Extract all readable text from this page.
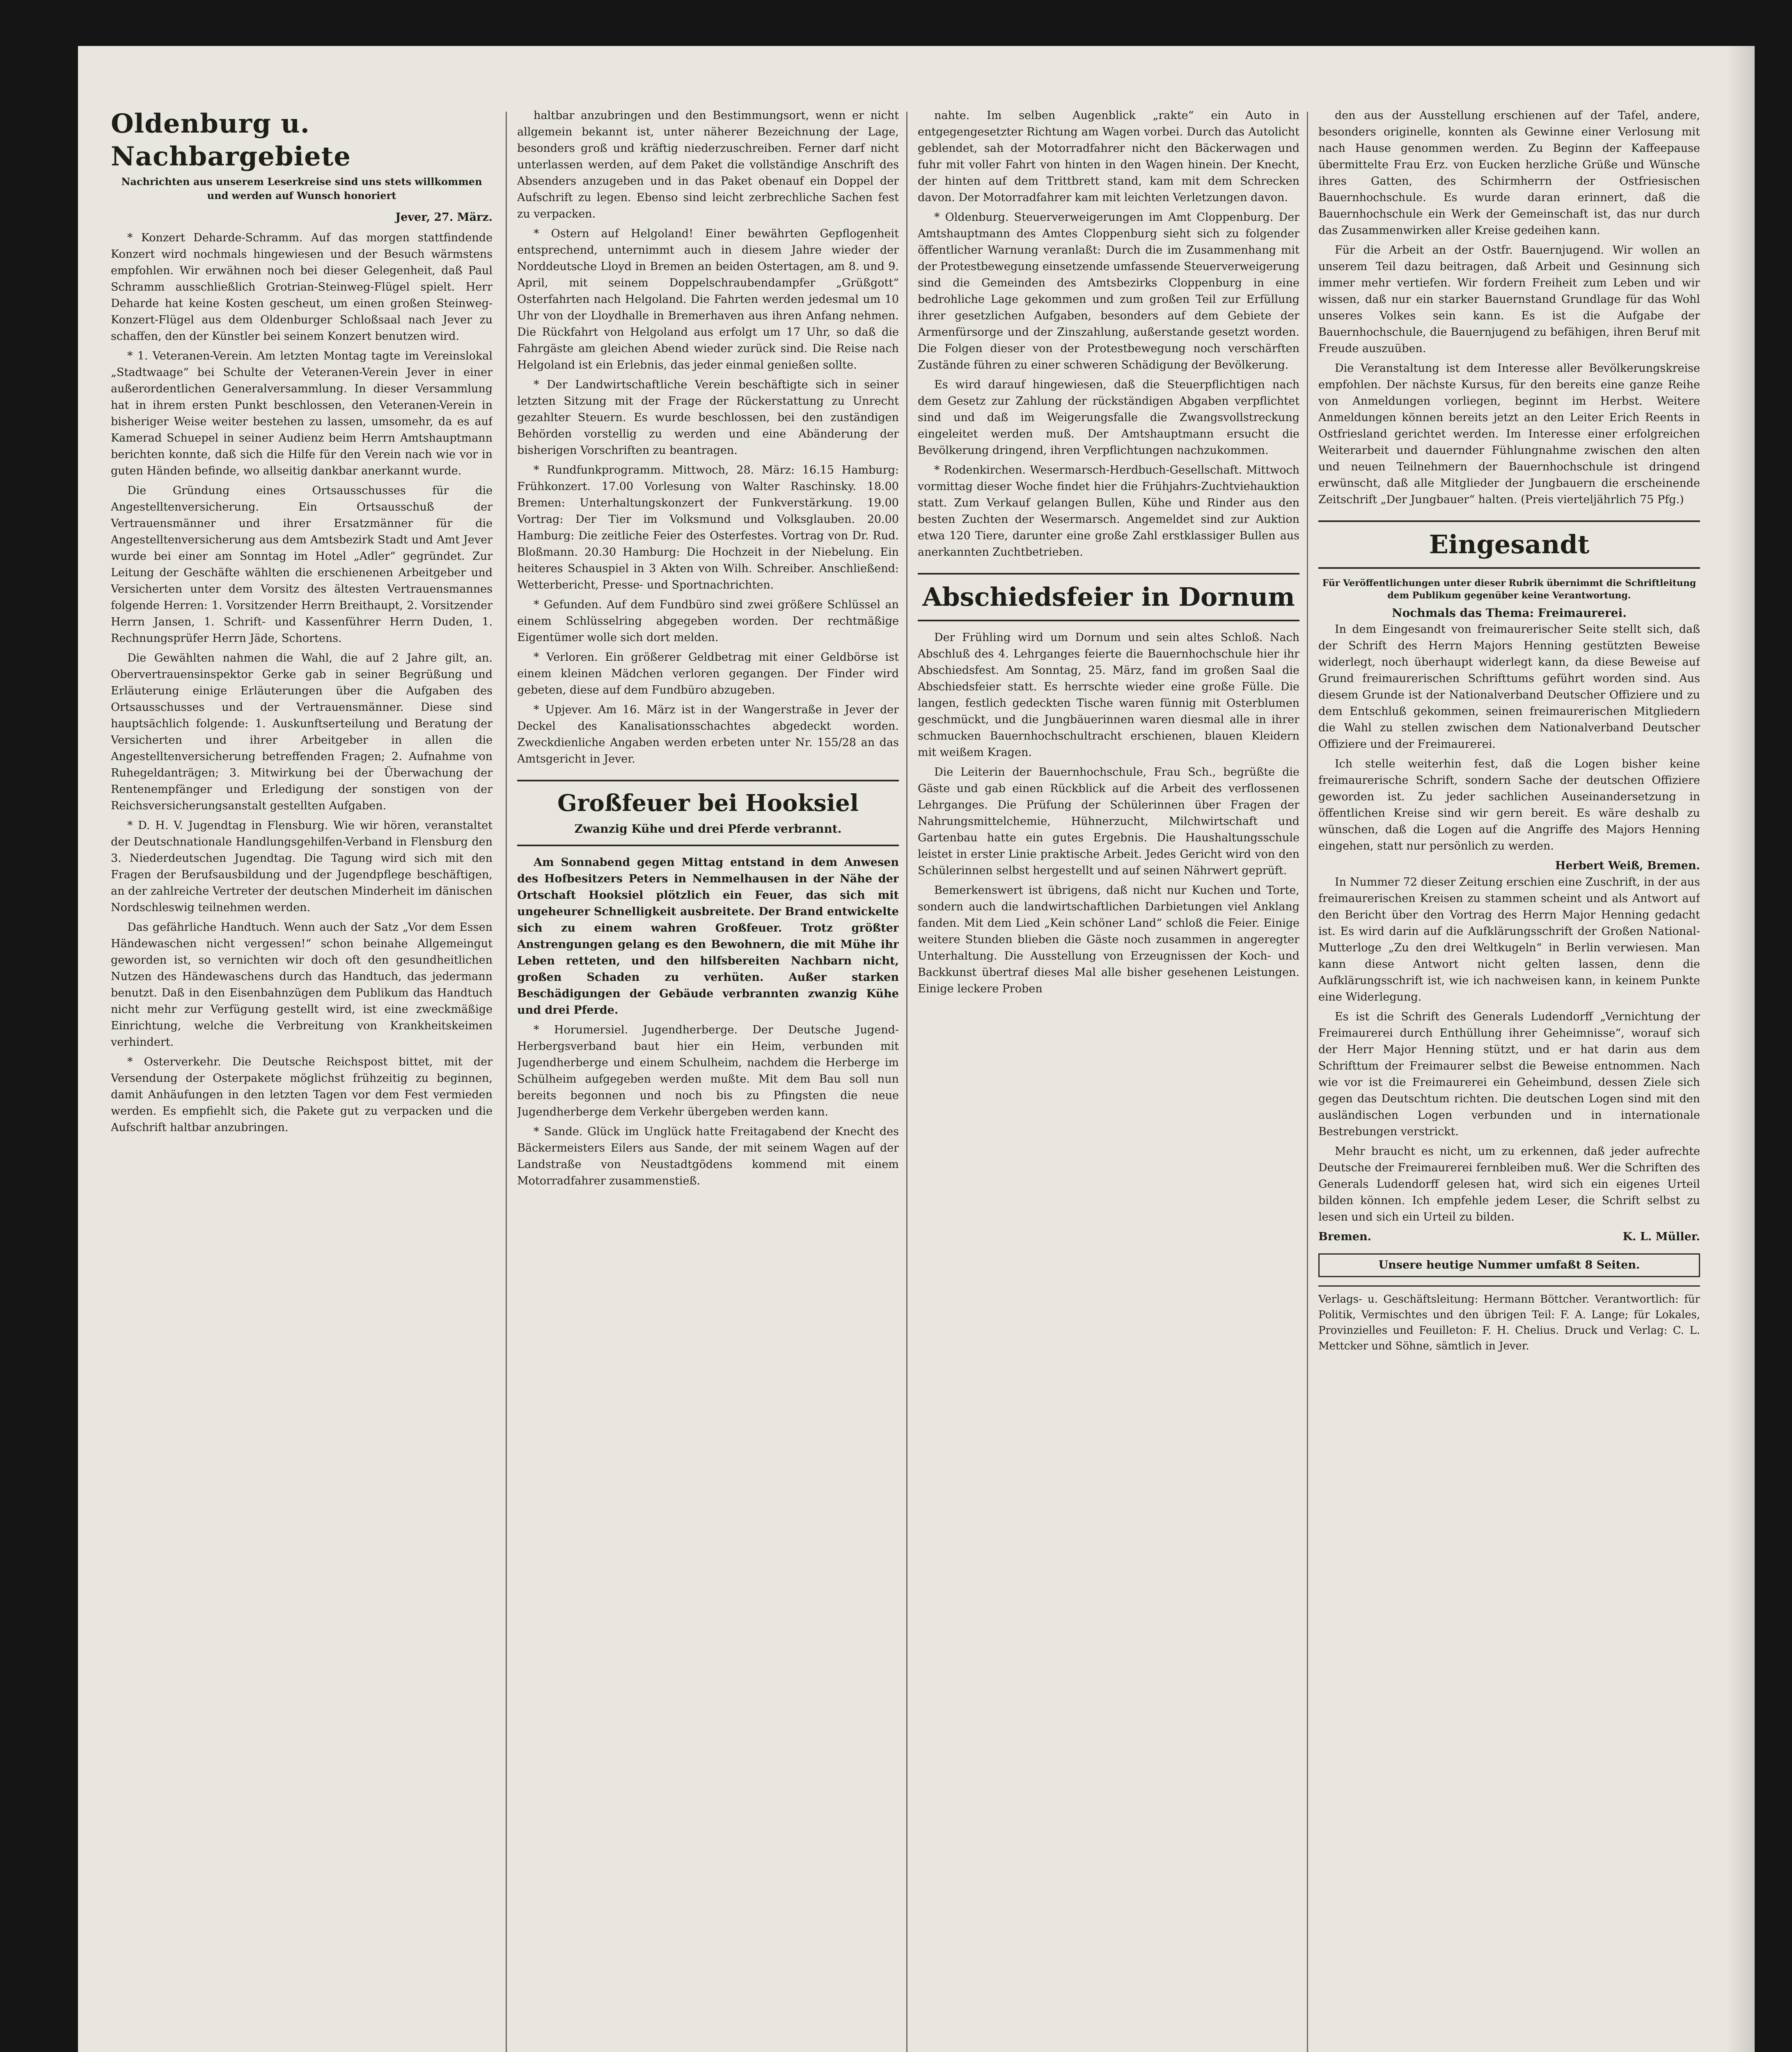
Oldenburg u. Nachbargebiete
Nachrichten aus unserem Leserkreise sind uns stets willkommen und werden auf Wunsch honoriert
Jever, 27. März.

* Konzert Deharde-Schramm. Auf das morgen stattfindende Konzert wird nochmals hingewiesen und der Besuch wärmstens empfohlen. Wir erwähnen noch bei dieser Gelegenheit, daß Paul Schramm ausschließlich Grotrian-Steinweg-Flügel spielt. Herr Deharde hat keine Kosten gescheut, um einen großen Steinweg-Konzert-Flügel aus dem Oldenburger Schloßsaal nach Jever zu schaffen, den der Künstler bei seinem Konzert benutzen wird.

* 1. Veteranen-Verein. Am letzten Montag tagte im Vereinslokal „Stadtwaage“ bei Schulte der Veteranen-Verein Jever in einer außerordentlichen Generalversammlung. In dieser Versammlung hat in ihrem ersten Punkt beschlossen, den Veteranen-Verein in bisheriger Weise weiter bestehen zu lassen, umsomehr, da es auf Kamerad Schuepel in seiner Audienz beim Herrn Amtshauptmann berichten konnte, daß sich die Hilfe für den Verein nach wie vor in guten Händen befinde, wo allseitig dankbar anerkannt wurde.

Die Gründung eines Ortsausschusses für die Angestelltenversicherung. Ein Ortsausschuß der Vertrauensmänner und ihrer Ersatzmänner für die Angestelltenversicherung aus dem Amtsbezirk Stadt und Amt Jever wurde bei einer am Sonntag im Hotel „Adler“ gegründet. Zur Leitung der Geschäfte wählten die erschienenen Arbeitgeber und Versicherten unter dem Vorsitz des ältesten Vertrauensmannes folgende Herren: 1. Vorsitzender Herrn Breithaupt, 2. Vorsitzender Herrn Jansen, 1. Schrift- und Kassenführer Herrn Duden, 1. Rechnungsprüfer Herrn Jäde, Schortens.

Die Gewählten nahmen die Wahl, die auf 2 Jahre gilt, an. Obervertrauensinspektor Gerke gab in seiner Begrüßung und Erläuterung einige Erläuterungen über die Aufgaben des Ortsausschusses und der Vertrauensmänner. Diese sind hauptsächlich folgende: 1. Auskunftserteilung und Beratung der Versicherten und ihrer Arbeitgeber in allen die Angestelltenversicherung betreffenden Fragen; 2. Aufnahme von Ruhegeldanträgen; 3. Mitwirkung bei der Überwachung der Rentenempfänger und Erledigung der sonstigen von der Reichsversicherungsanstalt gestellten Aufgaben.

* D. H. V. Jugendtag in Flensburg. Wie wir hören, veranstaltet der Deutschnationale Handlungsgehilfen-Verband in Flensburg den 3. Niederdeutschen Jugendtag. Die Tagung wird sich mit den Fragen der Berufsausbildung und der Jugendpflege beschäftigen, an der zahlreiche Vertreter der deutschen Minderheit im dänischen Nordschleswig teilnehmen werden.

Das gefährliche Handtuch. Wenn auch der Satz „Vor dem Essen Händewaschen nicht vergessen!“ schon beinahe Allgemeingut geworden ist, so vernichten wir doch oft den gesundheitlichen Nutzen des Händewaschens durch das Handtuch, das jedermann benutzt. Daß in den Eisenbahnzügen dem Publikum das Handtuch nicht mehr zur Verfügung gestellt wird, ist eine zweckmäßige Einrichtung, welche die Verbreitung von Krankheitskeimen verhindert.

* Osterverkehr. Die Deutsche Reichspost bittet, mit der Versendung der Osterpakete möglichst frühzeitig zu beginnen, damit Anhäufungen in den letzten Tagen vor dem Fest vermieden werden. Es empfiehlt sich, die Pakete gut zu verpacken und die Aufschrift haltbar anzubringen.

haltbar anzubringen und den Bestimmungsort, wenn er nicht allgemein bekannt ist, unter näherer Bezeichnung der Lage, besonders groß und kräftig niederzuschreiben. Ferner darf nicht unterlassen werden, auf dem Paket die vollständige Anschrift des Absenders anzugeben und in das Paket obenauf ein Doppel der Aufschrift zu legen. Ebenso sind leicht zerbrechliche Sachen fest zu verpacken.

* Ostern auf Helgoland! Einer bewährten Gepflogenheit entsprechend, unternimmt auch in diesem Jahre wieder der Norddeutsche Lloyd in Bremen an beiden Ostertagen, am 8. und 9. April, mit seinem Doppelschraubendampfer „Grüßgott“ Osterfahrten nach Helgoland. Die Fahrten werden jedesmal um 10 Uhr von der Lloydhalle in Bremerhaven aus ihren Anfang nehmen. Die Rückfahrt von Helgoland aus erfolgt um 17 Uhr, so daß die Fahrgäste am gleichen Abend wieder zurück sind. Die Reise nach Helgoland ist ein Erlebnis, das jeder einmal genießen sollte.

* Der Landwirtschaftliche Verein beschäftigte sich in seiner letzten Sitzung mit der Frage der Rückerstattung zu Unrecht gezahlter Steuern. Es wurde beschlossen, bei den zuständigen Behörden vorstellig zu werden und eine Abänderung der bisherigen Vorschriften zu beantragen.

* Rundfunkprogramm. Mittwoch, 28. März: 16.15 Hamburg: Frühkonzert. 17.00 Vorlesung von Walter Raschinsky. 18.00 Bremen: Unterhaltungskonzert der Funkverstärkung. 19.00 Vortrag: Der Tier im Volksmund und Volksglauben. 20.00 Hamburg: Die zeitliche Feier des Osterfestes. Vortrag von Dr. Rud. Bloßmann. 20.30 Hamburg: Die Hochzeit in der Niebelung. Ein heiteres Schauspiel in 3 Akten von Wilh. Schreiber. Anschließend: Wetterbericht, Presse- und Sportnachrichten.

* Gefunden. Auf dem Fundbüro sind zwei größere Schlüssel an einem Schlüsselring abgegeben worden. Der rechtmäßige Eigentümer wolle sich dort melden.

* Verloren. Ein größerer Geldbetrag mit einer Geldbörse ist einem kleinen Mädchen verloren gegangen. Der Finder wird gebeten, diese auf dem Fundbüro abzugeben.

* Upjever. Am 16. März ist in der Wangerstraße in Jever der Deckel des Kanalisationsschachtes abgedeckt worden. Zweckdienliche Angaben werden erbeten unter Nr. 155/28 an das Amtsgericht in Jever.

Großfeuer bei Hooksiel
Zwanzig Kühe und drei Pferde verbrannt.

Am Sonnabend gegen Mittag entstand in dem Anwesen des Hofbesitzers Peters in Nemmelhausen in der Nähe der Ortschaft Hooksiel plötzlich ein Feuer, das sich mit ungeheurer Schnelligkeit ausbreitete. Der Brand entwickelte sich zu einem wahren Großfeuer. Trotz größter Anstrengungen gelang es den Bewohnern, die mit Mühe ihr Leben retteten, und den hilfsbereiten Nachbarn nicht, großen Schaden zu verhüten. Außer starken Beschädigungen der Gebäude verbrannten zwanzig Kühe und drei Pferde.

* Horumersiel. Jugendherberge. Der Deutsche Jugend-Herbergsverband baut hier ein Heim, verbunden mit Jugendherberge und einem Schulheim, nachdem die Herberge im Schülheim aufgegeben werden mußte. Mit dem Bau soll nun bereits begonnen und noch bis zu Pfingsten die neue Jugendherberge dem Verkehr übergeben werden kann.

* Sande. Glück im Unglück hatte Freitagabend der Knecht des Bäckermeisters Eilers aus Sande, der mit seinem Wagen auf der Landstraße von Neustadtgödens kommend mit einem Motorradfahrer zusammenstieß.

nahte. Im selben Augenblick „rakte“ ein Auto in entgegengesetzter Richtung am Wagen vorbei. Durch das Autolicht geblendet, sah der Motorradfahrer nicht den Bäckerwagen und fuhr mit voller Fahrt von hinten in den Wagen hinein. Der Knecht, der hinten auf dem Trittbrett stand, kam mit dem Schrecken davon. Der Motorradfahrer kam mit leichten Verletzungen davon.

* Oldenburg. Steuerverweigerungen im Amt Cloppenburg. Der Amtshauptmann des Amtes Cloppenburg sieht sich zu folgender öffentlicher Warnung veranlaßt: Durch die im Zusammenhang mit der Protestbewegung einsetzende umfassende Steuerverweigerung sind die Gemeinden des Amtsbezirks Cloppenburg in eine bedrohliche Lage gekommen und zum großen Teil zur Erfüllung ihrer gesetzlichen Aufgaben, besonders auf dem Gebiete der Armenfürsorge und der Zinszahlung, außerstande gesetzt worden. Die Folgen dieser von der Protestbewegung noch verschärften Zustände führen zu einer schweren Schädigung der Bevölkerung.

Es wird darauf hingewiesen, daß die Steuerpflichtigen nach dem Gesetz zur Zahlung der rückständigen Abgaben verpflichtet sind und daß im Weigerungsfalle die Zwangsvollstreckung eingeleitet werden muß. Der Amtshauptmann ersucht die Bevölkerung dringend, ihren Verpflichtungen nachzukommen.

* Rodenkirchen. Wesermarsch-Herdbuch-Gesellschaft. Mittwoch vormittag dieser Woche findet hier die Frühjahrs-Zuchtviehauktion statt. Zum Verkauf gelangen Bullen, Kühe und Rinder aus den besten Zuchten der Wesermarsch. Angemeldet sind zur Auktion etwa 120 Tiere, darunter eine große Zahl erstklassiger Bullen aus anerkannten Zuchtbetrieben.

Abschiedsfeier in Dornum

Der Frühling wird um Dornum und sein altes Schloß. Nach Abschluß des 4. Lehrganges feierte die Bauernhochschule hier ihr Abschiedsfest. Am Sonntag, 25. März, fand im großen Saal die Abschiedsfeier statt. Es herrschte wieder eine große Fülle. Die langen, festlich gedeckten Tische waren fünnig mit Osterblumen geschmückt, und die Jungbäuerinnen waren diesmal alle in ihrer schmucken Bauernhochschultracht erschienen, blauen Kleidern mit weißem Kragen.

Die Leiterin der Bauernhochschule, Frau Sch., begrüßte die Gäste und gab einen Rückblick auf die Arbeit des verflossenen Lehrganges. Die Prüfung der Schülerinnen über Fragen der Nahrungsmittelchemie, Hühnerzucht, Milchwirtschaft und Gartenbau hatte ein gutes Ergebnis. Die Haushaltungsschule leistet in erster Linie praktische Arbeit. Jedes Gericht wird von den Schülerinnen selbst hergestellt und auf seinen Nährwert geprüft.

Bemerkenswert ist übrigens, daß nicht nur Kuchen und Torte, sondern auch die landwirtschaftlichen Darbietungen viel Anklang fanden. Mit dem Lied „Kein schöner Land“ schloß die Feier. Einige weitere Stunden blieben die Gäste noch zusammen in angeregter Unterhaltung. Die Ausstellung von Erzeugnissen der Koch- und Backkunst übertraf dieses Mal alle bisher gesehenen Leistungen. Einige leckere Proben

den aus der Ausstellung erschienen auf der Tafel, andere, besonders originelle, konnten als Gewinne einer Verlosung mit nach Hause genommen werden. Zu Beginn der Kaffeepause übermittelte Frau Erz. von Eucken herzliche Grüße und Wünsche ihres Gatten, des Schirmherrn der Ostfriesischen Bauernhochschule. Es wurde daran erinnert, daß die Bauernhochschule ein Werk der Gemeinschaft ist, das nur durch das Zusammenwirken aller Kreise gedeihen kann.

Für die Arbeit an der Ostfr. Bauernjugend. Wir wollen an unserem Teil dazu beitragen, daß Arbeit und Gesinnung sich immer mehr vertiefen. Wir fordern Freiheit zum Leben und wir wissen, daß nur ein starker Bauernstand Grundlage für das Wohl unseres Volkes sein kann. Es ist die Aufgabe der Bauernhochschule, die Bauernjugend zu befähigen, ihren Beruf mit Freude auszuüben.

Die Veranstaltung ist dem Interesse aller Bevölkerungskreise empfohlen. Der nächste Kursus, für den bereits eine ganze Reihe von Anmeldungen vorliegen, beginnt im Herbst. Weitere Anmeldungen können bereits jetzt an den Leiter Erich Reents in Ostfriesland gerichtet werden. Im Interesse einer erfolgreichen Weiterarbeit und dauernder Fühlungnahme zwischen den alten und neuen Teilnehmern der Bauernhochschule ist dringend erwünscht, daß alle Mitglieder der Jungbauern die erscheinende Zeitschrift „Der Jungbauer“ halten. (Preis vierteljährlich 75 Pfg.)

Eingesandt
Für Veröffentlichungen unter dieser Rubrik übernimmt die Schriftleitung dem Publikum gegenüber keine Verantwortung.
Nochmals das Thema: Freimaurerei.

In dem Eingesandt von freimaurerischer Seite stellt sich, daß der Schrift des Herrn Majors Henning gestützten Beweise widerlegt, noch überhaupt widerlegt kann, da diese Beweise auf Grund freimaurerischen Schrifttums geführt worden sind. Aus diesem Grunde ist der Nationalverband Deutscher Offiziere und zu dem Entschluß gekommen, seinen freimaurerischen Mitgliedern die Wahl zu stellen zwischen dem Nationalverband Deutscher Offiziere und der Freimaurerei.

Ich stelle weiterhin fest, daß die Logen bisher keine freimaurerische Schrift, sondern Sache der deutschen Offiziere geworden ist. Zu jeder sachlichen Auseinandersetzung in öffentlichen Kreise sind wir gern bereit. Es wäre deshalb zu wünschen, daß die Logen auf die Angriffe des Majors Henning eingehen, statt nur persönlich zu werden.

Herbert Weiß, Bremen.

In Nummer 72 dieser Zeitung erschien eine Zuschrift, in der aus freimaurerischen Kreisen zu stammen scheint und als Antwort auf den Bericht über den Vortrag des Herrn Major Henning gedacht ist. Es wird darin auf die Aufklärungsschrift der Großen National-Mutterloge „Zu den drei Weltkugeln“ in Berlin verwiesen. Man kann diese Antwort nicht gelten lassen, denn die Aufklärungsschrift ist, wie ich nachweisen kann, in keinem Punkte eine Widerlegung.

Es ist die Schrift des Generals Ludendorff „Vernichtung der Freimaurerei durch Enthüllung ihrer Geheimnisse“, worauf sich der Herr Major Henning stützt, und er hat darin aus dem Schrifttum der Freimaurer selbst die Beweise entnommen. Nach wie vor ist die Freimaurerei ein Geheimbund, dessen Ziele sich gegen das Deutschtum richten. Die deutschen Logen sind mit den ausländischen Logen verbunden und in internationale Bestrebungen verstrickt.

Mehr braucht es nicht, um zu erkennen, daß jeder aufrechte Deutsche der Freimaurerei fernbleiben muß. Wer die Schriften des Generals Ludendorff gelesen hat, wird sich ein eigenes Urteil bilden können. Ich empfehle jedem Leser, die Schrift selbst zu lesen und sich ein Urteil zu bilden.

Bremen.	K. L. Müller.
Unsere heutige Nummer umfaßt 8 Seiten.
Verlags- u. Geschäftsleitung: Hermann Böttcher. Verantwortlich: für Politik, Vermischtes und den übrigen Teil: F. A. Lange; für Lokales, Provinzielles und Feuilleton: F. H. Chelius. Druck und Verlag: C. L. Mettcker und Söhne, sämtlich in Jever.
